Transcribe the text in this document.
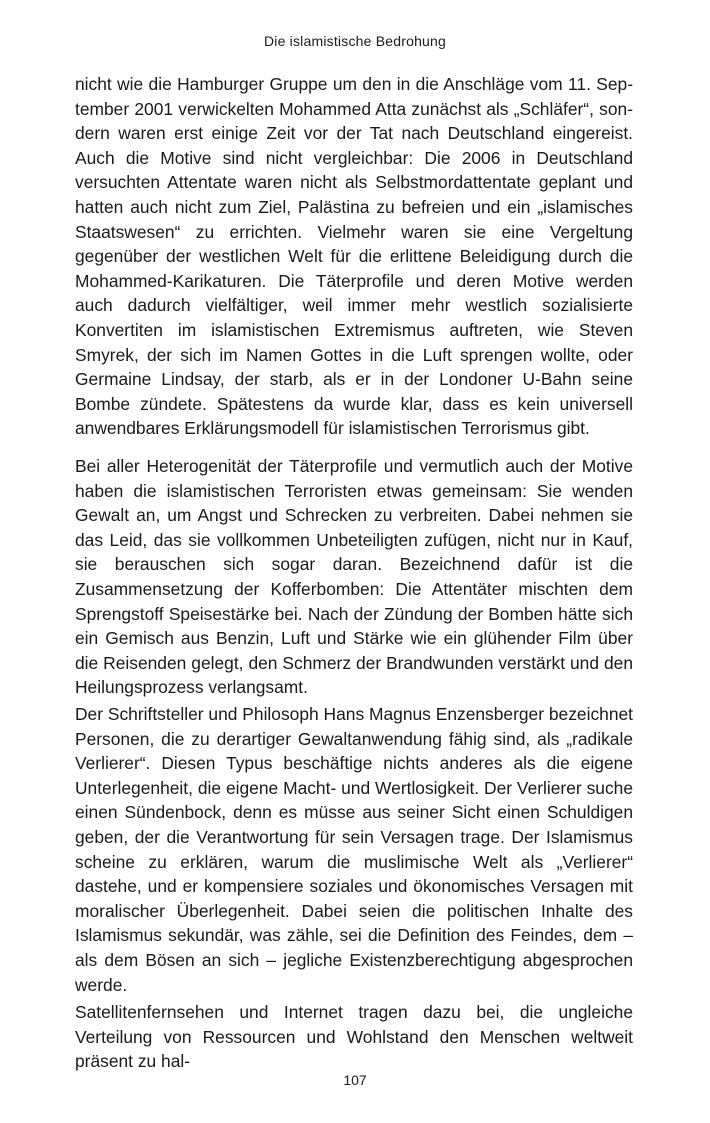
Die islamistische Bedrohung

nicht wie die Hamburger Gruppe um den in die Anschläge vom 11. September 2001 verwickelten Mohammed Atta zunächst als „Schläfer“, sondern waren erst einige Zeit vor der Tat nach Deutschland eingereist. Auch die Motive sind nicht vergleichbar: Die 2006 in Deutschland versuchten Attentate waren nicht als Selbstmordattentate geplant und hatten auch nicht zum Ziel, Palästina zu befreien und ein „islamisches Staatswesen“ zu errichten. Vielmehr waren sie eine Vergeltung gegenüber der westlichen Welt für die erlittene Beleidigung durch die Mohammed-Karikaturen. Die Täterprofile und deren Motive werden auch dadurch vielfältiger, weil immer mehr westlich sozialisierte Konvertiten im islamistischen Extremismus auftreten, wie Steven Smyrek, der sich im Namen Gottes in die Luft sprengen wollte, oder Germaine Lindsay, der starb, als er in der Londoner U-Bahn seine Bombe zündete. Spätestens da wurde klar, dass es kein universell anwendbares Erklärungsmodell für islamistischen Terrorismus gibt.

Bei aller Heterogenität der Täterprofile und vermutlich auch der Motive haben die islamistischen Terroristen etwas gemeinsam: Sie wenden Gewalt an, um Angst und Schrecken zu verbreiten. Dabei nehmen sie das Leid, das sie vollkommen Unbeteiligten zufügen, nicht nur in Kauf, sie berauschen sich sogar daran. Bezeichnend dafür ist die Zusammensetzung der Kofferbomben: Die Attentäter mischten dem Sprengstoff Speisestärke bei. Nach der Zündung der Bomben hätte sich ein Gemisch aus Benzin, Luft und Stärke wie ein glühender Film über die Reisenden gelegt, den Schmerz der Brandwunden verstärkt und den Heilungsprozess verlangsamt.

Der Schriftsteller und Philosoph Hans Magnus Enzensberger bezeichnet Personen, die zu derartiger Gewaltanwendung fähig sind, als „radikale Verlierer“. Diesen Typus beschäftige nichts anderes als die eigene Unterlegenheit, die eigene Macht- und Wertlosigkeit. Der Verlierer suche einen Sündenbock, denn es müsse aus seiner Sicht einen Schuldigen geben, der die Verantwortung für sein Versagen trage. Der Islamismus scheine zu erklären, warum die muslimische Welt als „Verlierer“ dastehe, und er kompensiere soziales und ökonomisches Versagen mit moralischer Überlegenheit. Dabei seien die politischen Inhalte des Islamismus sekundär, was zähle, sei die Definition des Feindes, dem – als dem Bösen an sich – jegliche Existenzberechtigung abgesprochen werde.

Satellitenfernsehen und Internet tragen dazu bei, die ungleiche Verteilung von Ressourcen und Wohlstand den Menschen weltweit präsent zu hal-

107
